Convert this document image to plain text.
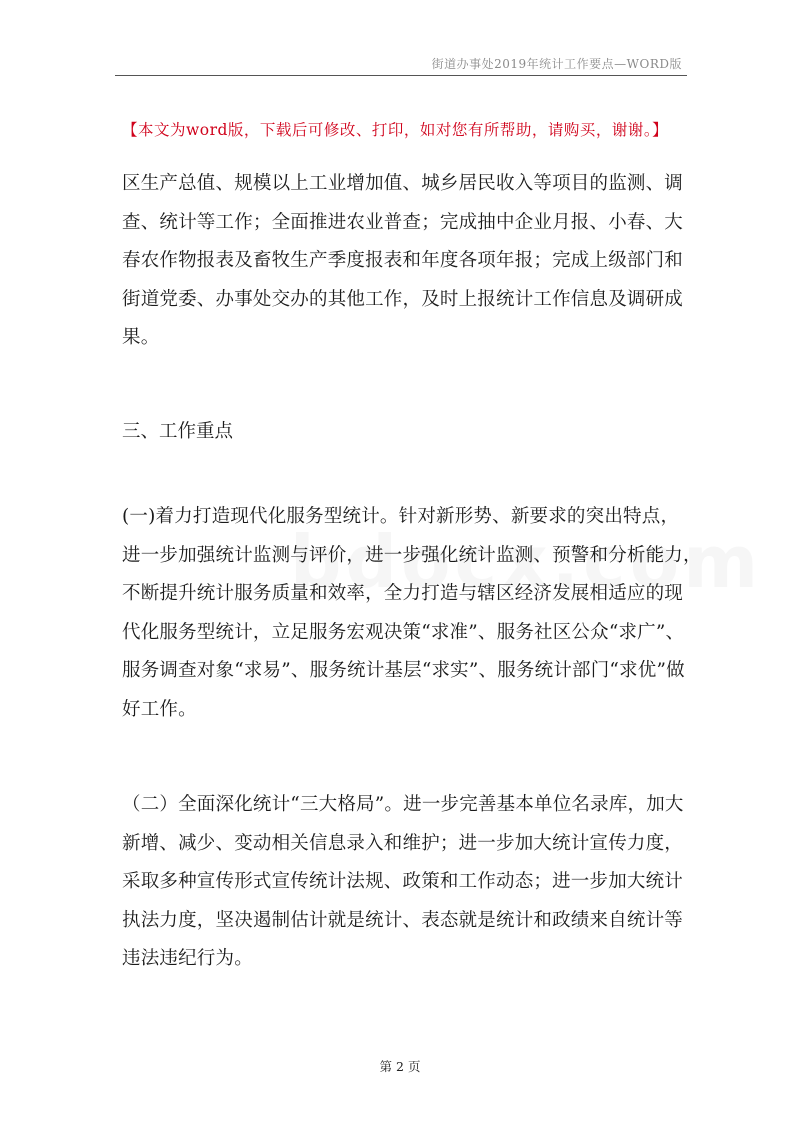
街道办事处2019年统计工作要点—WORD版
【本文为word版，下载后可修改、打印，如对您有所帮助，请购买，谢谢。】
区生产总值、规模以上工业增加值、城乡居民收入等项目的监测、调
查、统计等工作；全面推进农业普查；完成抽中企业月报、小春、大
春农作物报表及畜牧生产季度报表和年度各项年报；完成上级部门和
街道党委、办事处交办的其他工作，及时上报统计工作信息及调研成
果。
三、工作重点
(一)着力打造现代化服务型统计。针对新形势、新要求的突出特点，
进一步加强统计监测与评价，进一步强化统计监测、预警和分析能力，
不断提升统计服务质量和效率，全力打造与辖区经济发展相适应的现
代化服务型统计，立足服务宏观决策“求准”、服务社区公众“求广”、
服务调查对象“求易”、服务统计基层“求实”、服务统计部门“求优”做
好工作。
（二）全面深化统计“三大格局”。进一步完善基本单位名录库，加大
新增、减少、变动相关信息录入和维护；进一步加大统计宣传力度，
采取多种宣传形式宣传统计法规、政策和工作动态；进一步加大统计
执法力度，坚决遏制估计就是统计、表态就是统计和政绩来自统计等
违法违纪行为。
第 2 页
